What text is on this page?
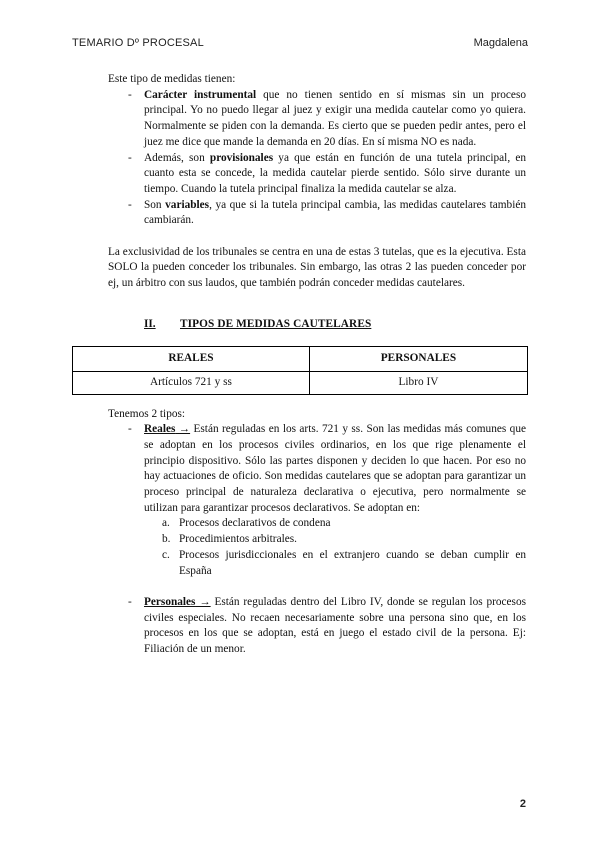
TEMARIO Dº PROCESAL	Magdalena

Este tipo de medidas tienen:

- Carácter instrumental que no tienen sentido en sí mismas sin un proceso principal. Yo no puedo llegar al juez y exigir una medida cautelar como yo quiera. Normalmente se piden con la demanda. Es cierto que se pueden pedir antes, pero el juez me dice que mande la demanda en 20 días. En sí misma NO es nada.
- Además, son provisionales ya que están en función de una tutela principal, en cuanto esta se concede, la medida cautelar pierde sentido. Sólo sirve durante un tiempo. Cuando la tutela principal finaliza la medida cautelar se alza.
- Son variables, ya que si la tutela principal cambia, las medidas cautelares también cambiarán.

La exclusividad de los tribunales se centra en una de estas 3 tutelas, que es la ejecutiva. Esta SOLO la pueden conceder los tribunales. Sin embargo, las otras 2 las pueden conceder por ej, un árbitro con sus laudos, que también podrán conceder medidas cautelares.

II. TIPOS DE MEDIDAS CAUTELARES
REALES	PERSONALES
Artículos 721 y ss	Libro IV

Tenemos 2 tipos:

- Reales → Están reguladas en los arts. 721 y ss. Son las medidas más comunes que se adoptan en los procesos civiles ordinarios, en los que rige plenamente el principio dispositivo. Sólo las partes disponen y deciden lo que hacen. Por eso no hay actuaciones de oficio. Son medidas cautelares que se adoptan para garantizar un proceso principal de naturaleza declarativa o ejecutiva, pero normalmente se utilizan para garantizar procesos declarativos. Se adoptan en:
a. Procesos declarativos de condena
b. Procedimientos arbitrales.
c. Procesos jurisdiccionales en el extranjero cuando se deban cumplir en España
- Personales → Están reguladas dentro del Libro IV, donde se regulan los procesos civiles especiales. No recaen necesariamente sobre una persona sino que, en los procesos en los que se adoptan, está en juego el estado civil de la persona. Ej: Filiación de un menor.
2
